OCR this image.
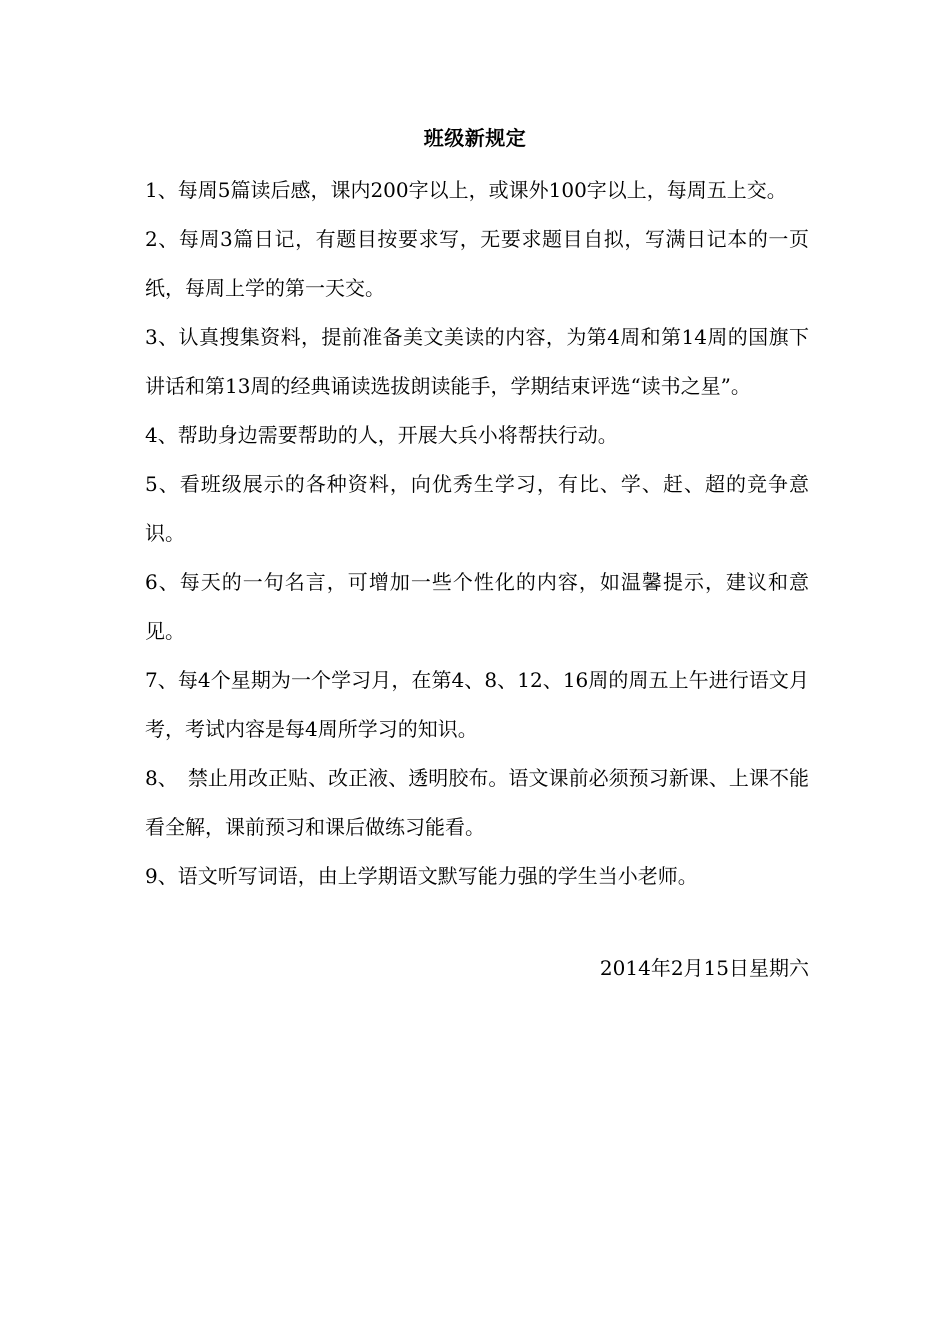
班级新规定
1、每周5篇读后感，课内200字以上，或课外100字以上，每周五上交。
2、每周3篇日记，有题目按要求写，无要求题目自拟，写满日记本的一页纸，每周上学的第一天交。
3、认真搜集资料，提前准备美文美读的内容，为第4周和第14周的国旗下讲话和第13周的经典诵读选拔朗读能手，学期结束评选“读书之星”。
4、帮助身边需要帮助的人，开展大兵小将帮扶行动。
5、看班级展示的各种资料，向优秀生学习，有比、学、赶、超的竞争意识。
6、每天的一句名言，可增加一些个性化的内容，如温馨提示，建议和意见。
7、每4个星期为一个学习月，在第4、8、12、16周的周五上午进行语文月考，考试内容是每4周所学习的知识。
8、　禁止用改正贴、改正液、透明胶布。语文课前必须预习新课、上课不能看全解，课前预习和课后做练习能看。
9、语文听写词语，由上学期语文默写能力强的学生当小老师。
2014年2月15日星期六
